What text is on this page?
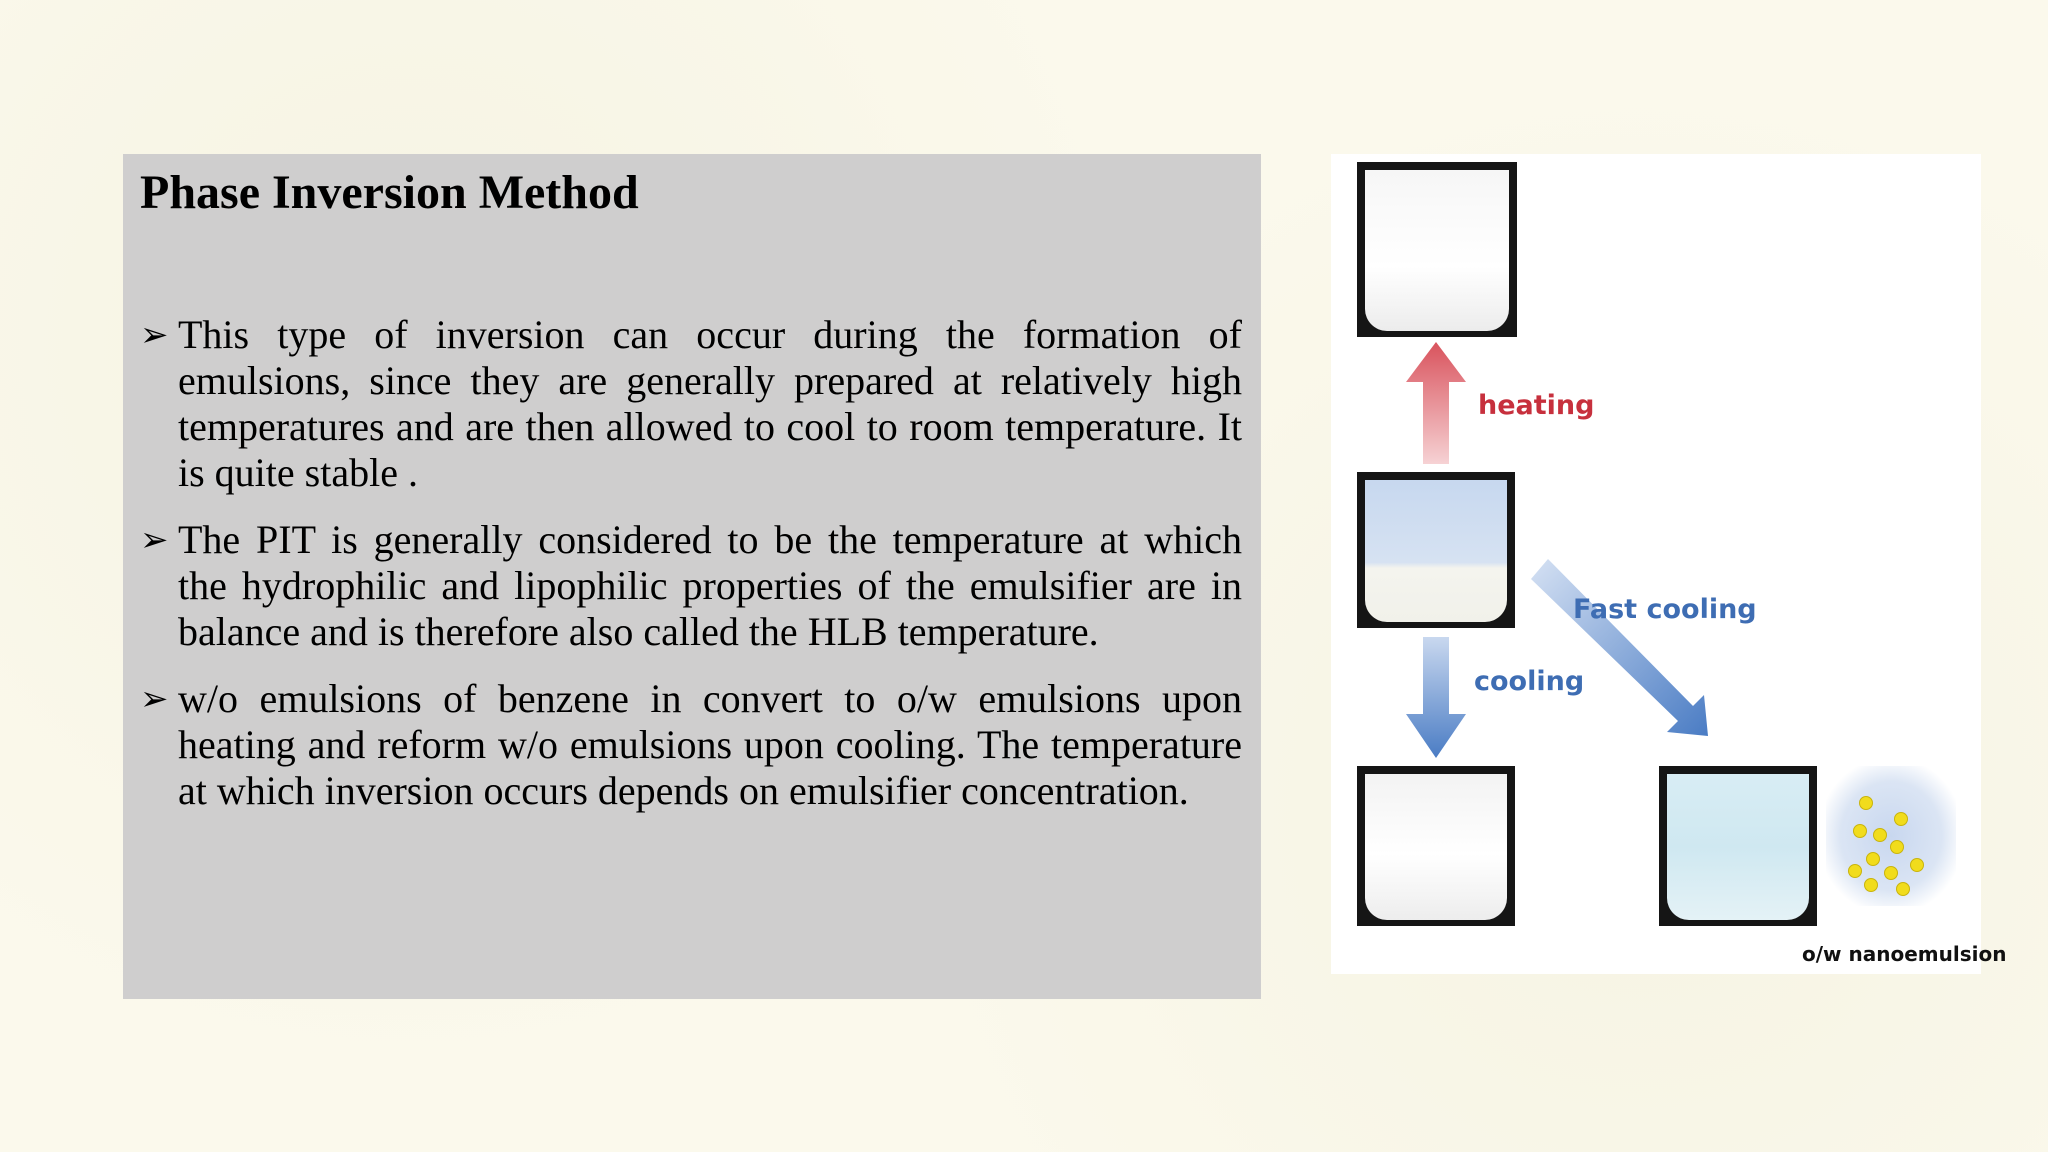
Phase Inversion Method
➢ This type of inversion can occur during the formation of emulsions, since they are generally prepared at relatively high temperatures and are then allowed to cool to room temperature. It is quite stable .
➢ The PIT is generally considered to be the temperature at which the hydrophilic and lipophilic properties of the emulsifier are in balance and is therefore also called the HLB temperature.
➢ w/o emulsions of benzene in convert to o/w emulsions upon heating and reform w/o emulsions upon cooling. The temperature at which inversion occurs depends on emulsifier concentration.
heating
cooling
Fast cooling
o/w nanoemulsion
